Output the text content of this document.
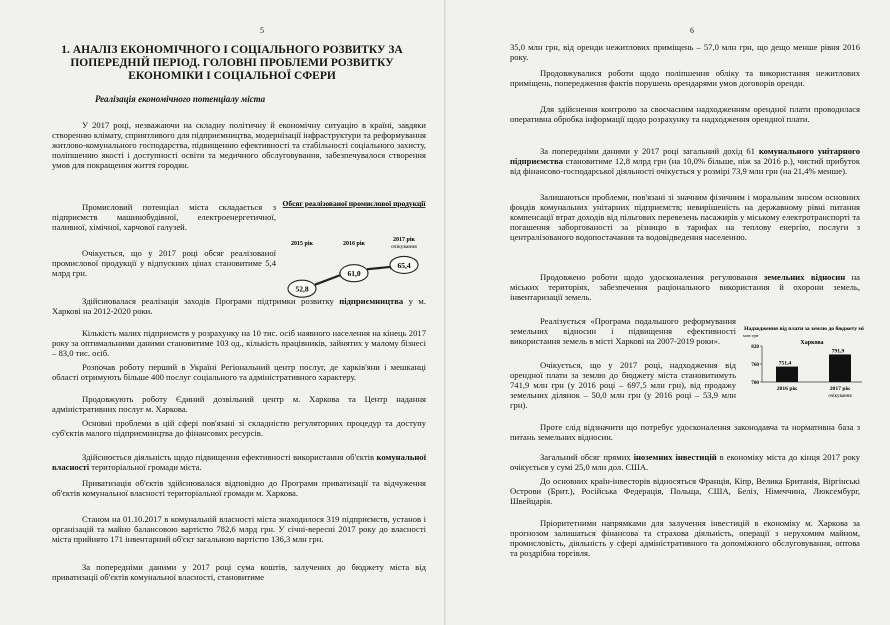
5
1. АНАЛІЗ ЕКОНОМІЧНОГО І СОЦІАЛЬНОГО РОЗВИТКУ ЗА ПОПЕРЕДНІЙ ПЕРІОД. ГОЛОВНІ ПРОБЛЕМИ РОЗВИТКУ ЕКОНОМІКИ І СОЦІАЛЬНОЇ СФЕРИ
Реалізація економічного потенціалу міста

У 2017 році, незважаючи на складну політичну й економічну ситуацію в країні, завдяки створенню клімату, сприятливого для підприємництва, модернізації інфраструктури та реформування житлово-комунального господарства, підвищенню ефективності та стабільності соціального захисту, поліпшенню якості і доступності освіти та медичного обслуговування, забезпечувалося створення умов для покращення життя городян.

Промисловий потенціал міста складається з підприємств машинобудівної, електроенергетичної, паливної, хімічної, харчової галузей.

Очікується, що у 2017 році обсяг реалізованої промислової продукції у відпускних цінах становитиме 5,4 млрд грн.

Обсяг реалізованої промислової продукції
2015 рік	2016 рік
2017 рік
очікування
52,8
61,0
65,4

Здійснювалася реалізація заходів Програми підтримки розвитку підприємництва у м. Харкові на 2012-2020 роки.

Кількість малих підприємств у розрахунку на 10 тис. осіб наявного населення на кінець 2017 року за оптимальними даними становитиме 103 од., кількість працівників, зайнятих у малому бізнесі – 83,0 тис. осіб.

Розпочав роботу перший в Україні Регіональний центр послуг, де харків'яни і мешканці області отримують більше 400 послуг соціального та адміністративного характеру.

Продовжують роботу Єдиний дозвільний центр м. Харкова та Центр надання адміністративних послуг м. Харкова.

Основні проблеми в цій сфері пов'язані зі складністю регуляторних процедур та доступу суб'єктів малого підприємництва до фінансових ресурсів.

Здійснюється діяльність щодо підвищення ефективності використання об'єктів комунальної власності територіальної громади міста.

Приватизація об'єктів здійснювалася відповідно до Програми приватизації та відчуження об'єктів комунальної власності територіальної громади м. Харкова.

Станом на 01.10.2017 в комунальній власності міста знаходилося 319 підприємств, установ і організацій та майно балансовою вартістю 782,6 млрд грн. У січні-вересні 2017 року до власності міста прийнято 171 інвентарний об'єкт загальною вартістю 136,3 млн грн.

За попередніми даними у 2017 році сума коштів, залучених до бюджету міста від приватизації об'єктів комунальної власності, становитиме

6

35,0 млн грн, від оренди нежитлових приміщень – 57,0 млн грн, що дещо менше рівня 2016 року.

Продовжувалися роботи щодо поліпшення обліку та використання нежитлових приміщень, попередження фактів порушень орендарями умов договорів оренди.

Для здійснення контролю за своєчасним надходженням орендної плати проводилася оперативна обробка інформації щодо розрахунку та надходження орендної плати.

За попередніми даними у 2017 році загальний дохід 61 комунального унітарного підприємства становитиме 12,8 млрд грн (на 10,0% більше, ніж за 2016 р.), чистий прибуток від фінансово-господарської діяльності очікується у розмірі 73,9 млн грн (на 21,4% менше).

Залишаються проблеми, пов'язані зі значним фізичним і моральним зносом основних фондів комунальних унітарних підприємств; невирішеність на державному рівні питання компенсації втрат доходів від пільгових перевезень пасажирів у міському електротранспорті та погашення заборгованості за різницю в тарифах на теплову енергію, послуги з централізованого водопостачання та водовідведення населенню.

Продовжено роботи щодо удосконалення регулювання земельних відносин на міських територіях, забезпечення раціонального використання й охорони земель, інвентаризації земель.

Реалізується «Програма подальшого реформування земельних відносин і підвищення ефективності використання земель в місті Харкові на 2007-2019 роки».

Надходження від плати за землю до бюджету міста
Харкова
млн грн
700
760
820
751,4
2016 рік
791,9
2017 рік
очікування

Очікується, що у 2017 році, надходження від орендної плати за землю до бюджету міста становитимуть 741,9 млн грн (у 2016 році – 697,5 млн грн), від продажу земельних ділянок – 50,0 млн грн (у 2016 році – 53,9 млн грн).

Проте слід відзначити що потребує удосконалення законодавча та нормативна база з питань земельних відносин.

Загальний обсяг прямих іноземних інвестицій в економіку міста до кінця 2017 року очікується у сумі 25,0 млн дол. США.

До основних країн-інвесторів відносяться Франція, Кіпр, Велика Британія, Віргінські Острови (Брит.), Російська Федерація, Польща, США, Беліз, Німеччина, Люксембург, Швейцарія.

Пріоритетними напрямками для залучення інвестицій в економіку м. Харкова за прогнозом залишаться фінансова та страхова діяльність, операції з нерухомим майном, промисловість, діяльність у сфері адміністративного та допоміжного обслуговування, оптова та роздрібна торгівля.
